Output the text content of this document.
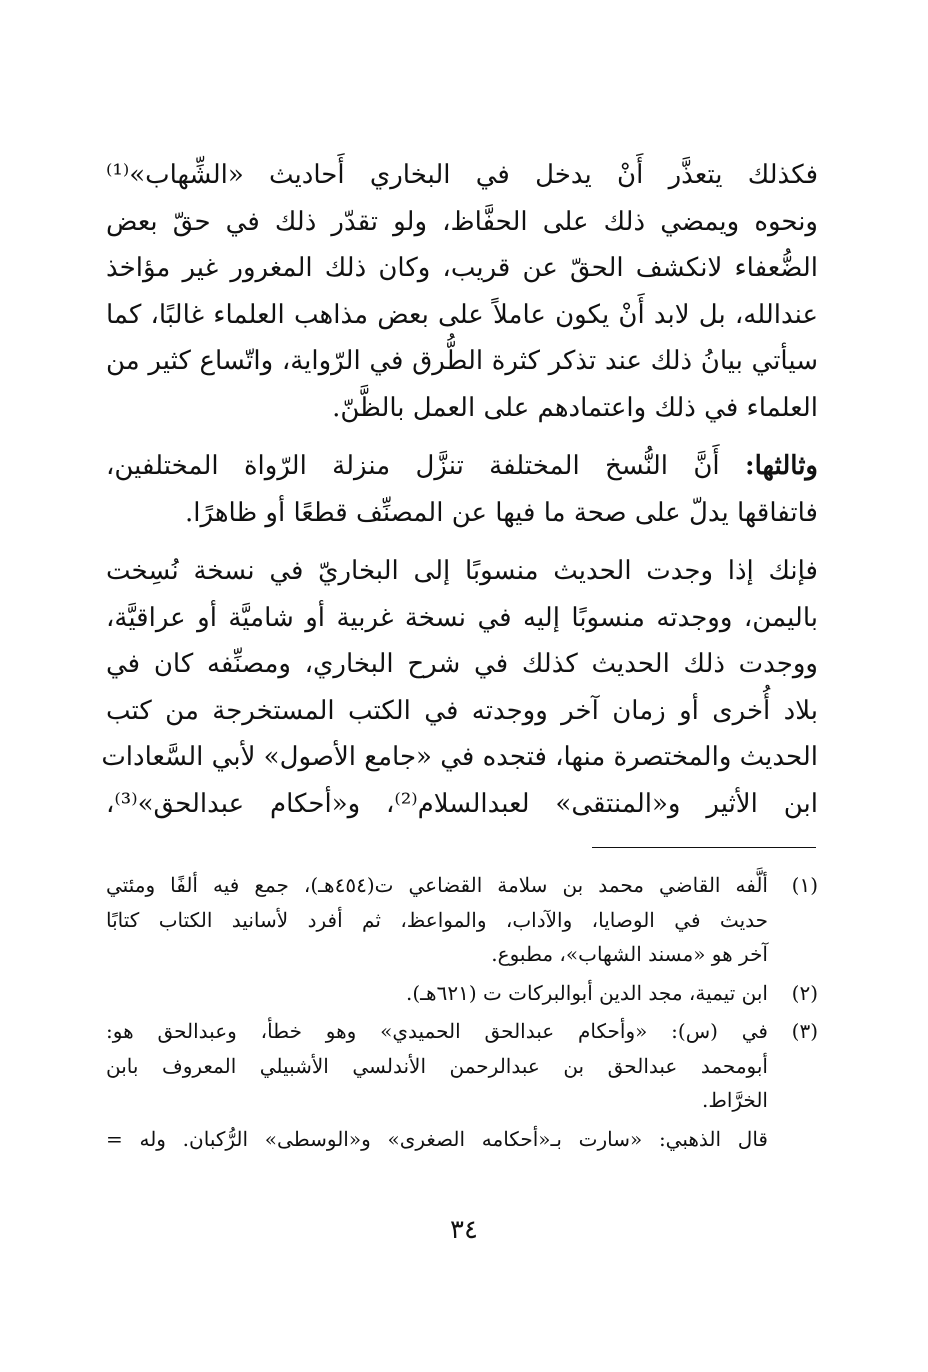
فكذلك يتعذَّر أَنْ يدخل في البخاري أَحاديث «الشِّهاب»⁽¹⁾
ونحوه ويمضي ذلك على الحفَّاظ، ولو تقدّر ذلك في حقّ بعض
الضُّعفاء لانكشف الحقّ عن قريب، وكان ذلك المغرور غير مؤاخذ
عندالله، بل لابد أَنْ يكون عاملاً على بعض مذاهب العلماء غالبًا، كما
سيأتي بيانُ ذلك عند تذكر كثرة الطُّرق في الرّواية، واتّساع كثير من
العلماء في ذلك واعتمادهم على العمل بالظَّنّ.

وثالثها: أَنَّ النُّسخ المختلفة تنزَّل منزلة الرّواة المختلفين،
فاتفاقها يدلّ على صحة ما فيها عن المصنِّف قطعًا أو ظاهرًا.

فإنك إذا وجدت الحديث منسوبًا إلى البخاريّ في نسخة نُسِخت
باليمن، ووجدته منسوبًا إليه في نسخة غربية أو شاميَّة أو عراقيَّة،
ووجدت ذلك الحديث كذلك في شرح البخاري، ومصنِّفه كان في
بلاد أُخرى أو زمان آخر ووجدته في الكتب المستخرجة من كتب
الحديث والمختصرة منها، فتجده في «جامع الأصول» لأبي السَّعادات
ابن الأثير و«المنتقى» لعبدالسلام⁽²⁾، و«أحكام عبدالحق»⁽³⁾،

(١)
ألَّفه القاضي محمد بن سلامة القضاعي ت(٤٥٤هـ)، جمع فيه ألفًا ومئتي
حديث في الوصايا، والآداب، والمواعظ، ثم أفرد لأسانيد الكتاب كتابًا
آخر هو «مسند الشهاب»، مطبوع.
(٢)
ابن تيمية، مجد الدين أبوالبركات ت (٦٢١هـ).
(٣)
في (س): «وأحكام عبدالحق الحميدي» وهو خطأ، وعبدالحق هو:
أبومحمد عبدالحق بن عبدالرحمن الأندلسي الأشبيلي المعروف بابن
الخرَّاط.
قال الذهبي: «سارت بـ«أحكامه الصغرى» و«الوسطى» الرُّكبان. وله =
٣٤
